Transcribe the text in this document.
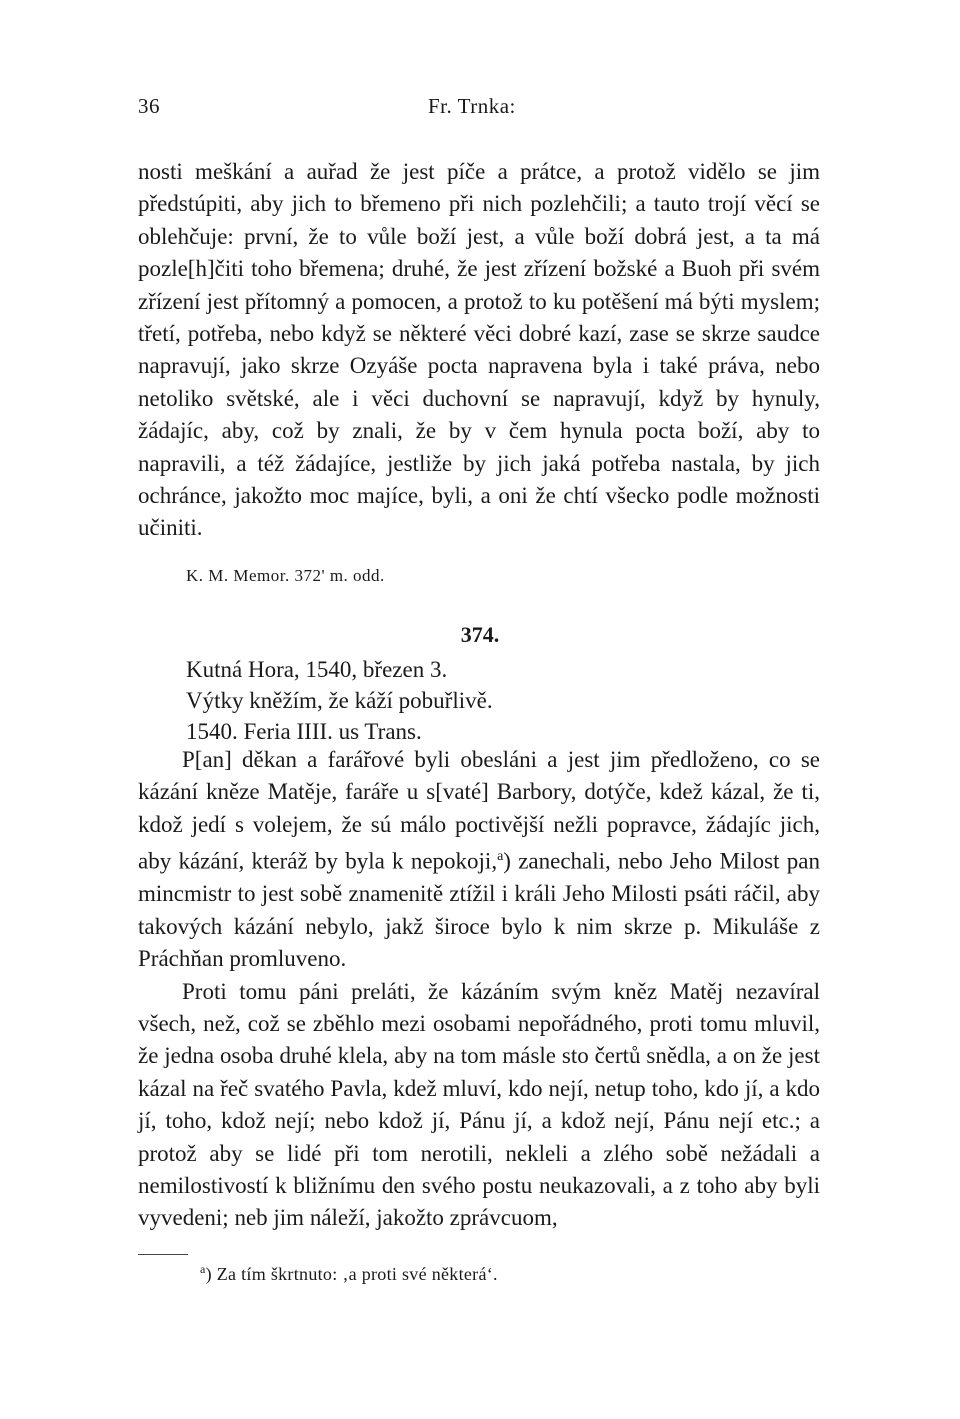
36	Fr. Trnka:

nosti meškání a auřad že jest píče a prátce, a protož vidělo se jim předstúpiti, aby jich to břemeno při nich pozlehčili; a tauto trojí věcí se oblehčuje: první, že to vůle boží jest, a vůle boží dobrá jest, a ta má pozle[h]čiti toho břemena; druhé, že jest zřízení božské a Buoh při svém zřízení jest přítomný a pomocen, a protož to ku potěšení má býti myslem; třetí, potřeba, nebo když se některé věci dobré kazí, zase se skrze saudce napravují, jako skrze Ozyáše pocta napravena byla i také práva, nebo netoliko světské, ale i věci duchovní se napravují, když by hynuly, žádajíc, aby, což by znali, že by v čem hynula pocta boží, aby to napravili, a též žádajíce, jestliže by jich jaká potřeba nastala, by jich ochránce, jakožto moc majíce, byli, a oni že chtí všecko podle možnosti učiniti.

K. M. Memor. 372' m. odd.
374.
Kutná Hora, 1540, březen 3.
Výtky kněžím, že káží pobuřlivě.
1540. Feria IIII. us Trans.

P[an] děkan a farářové byli obesláni a jest jim předloženo, co se kázání kněze Matěje, faráře u s[vaté] Barbory, dotýče, kdež kázal, že ti, kdož jedí s volejem, že sú málo poctivější nežli popravce, žádajíc jich, aby kázání, kteráž by byla k nepokoji,$^a$) zanechali, nebo Jeho Milost pan mincmistr to jest sobě znamenitě ztížil i králi Jeho Milosti psáti ráčil, aby takových kázání nebylo, jakž široce bylo k nim skrze p. Mikuláše z Práchňan promluveno.

Proti tomu páni preláti, že kázáním svým kněz Matěj nezavíral všech, než, což se zběhlo mezi osobami nepořádného, proti tomu mluvil, že jedna osoba druhé klela, aby na tom másle sto čertů snědla, a on že jest kázal na řeč svatého Pavla, kdež mluví, kdo nejí, netup toho, kdo jí, a kdo jí, toho, kdož nejí; nebo kdož jí, Pánu jí, a kdož nejí, Pánu nejí etc.; a protož aby se lidé při tom nerotili, nekleli a zlého sobě nežádali a nemilostivostí k bližnímu den svého postu neukazovali, a z toho aby byli vyvedeni; neb jim náleží, jakožto zprávcuom,

$^a$) Za tím škrtnuto: ‚a proti své některá‘.
